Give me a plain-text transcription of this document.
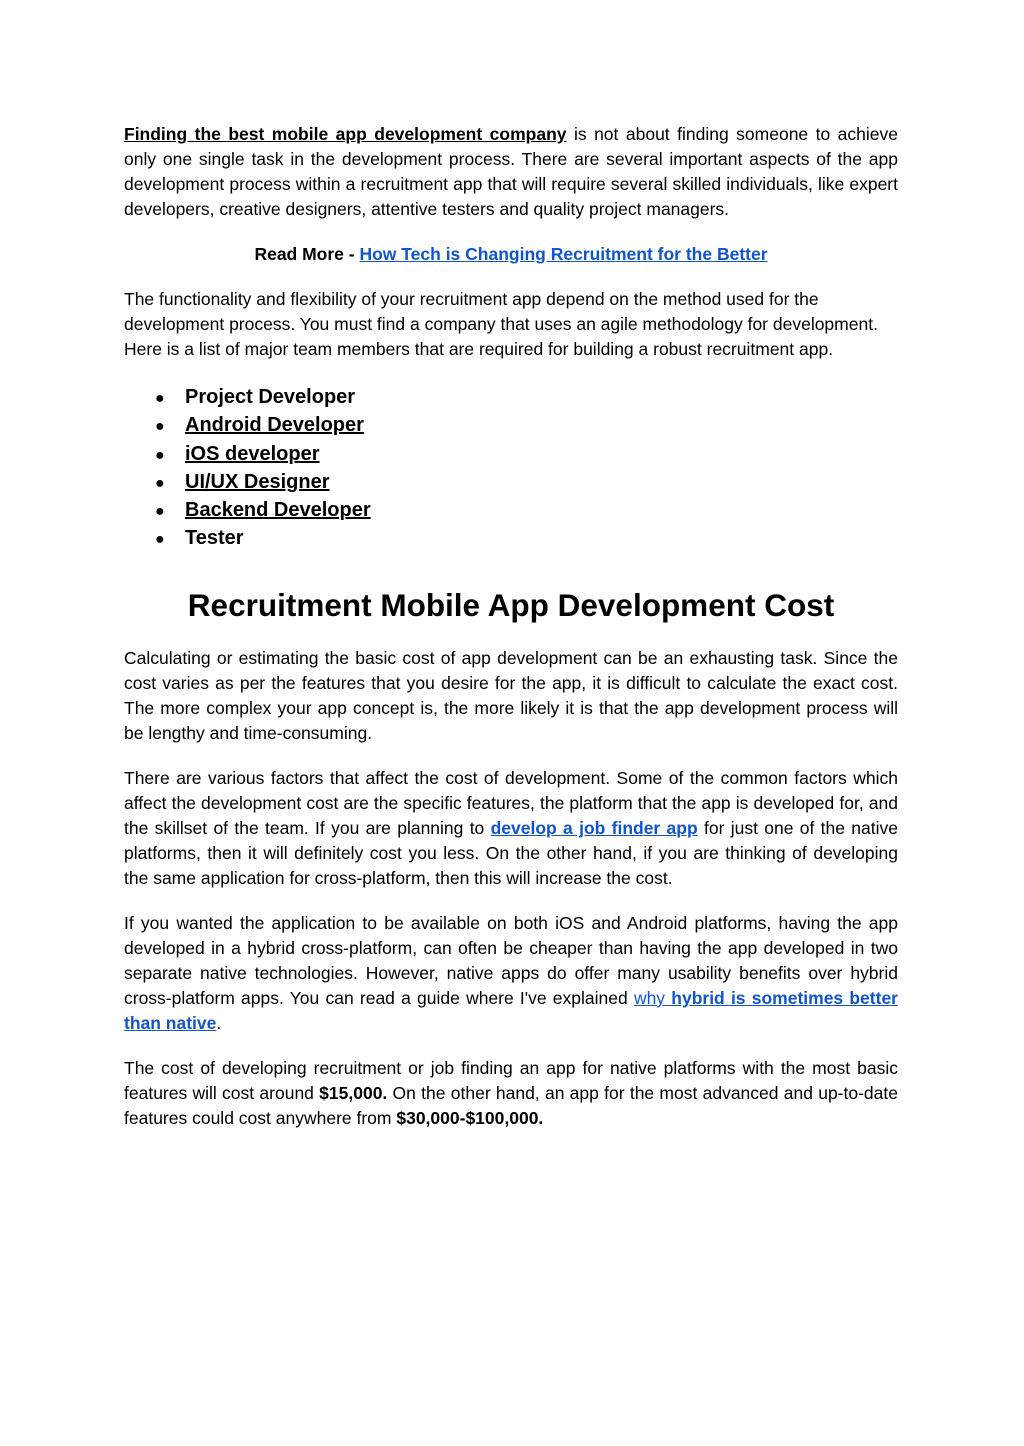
Finding the best mobile app development company is not about finding someone to achieve only one single task in the development process. There are several important aspects of the app development process within a recruitment app that will require several skilled individuals, like expert developers, creative designers, attentive testers and quality project managers.

Read More - How Tech is Changing Recruitment for the Better

The functionality and flexibility of your recruitment app depend on the method used for the development process. You must find a company that uses an agile methodology for development. Here is a list of major team members that are required for building a robust recruitment app.

●	Project Developer
●	Android Developer
●	iOS developer
●	UI/UX Designer
●	Backend Developer
●	Tester
Recruitment Mobile App Development Cost

Calculating or estimating the basic cost of app development can be an exhausting task. Since the cost varies as per the features that you desire for the app, it is difficult to calculate the exact cost. The more complex your app concept is, the more likely it is that the app development process will be lengthy and time-consuming.

There are various factors that affect the cost of development. Some of the common factors which affect the development cost are the specific features, the platform that the app is developed for, and the skillset of the team. If you are planning to develop a job finder app for just one of the native platforms, then it will definitely cost you less. On the other hand, if you are thinking of developing the same application for cross-platform, then this will increase the cost.

If you wanted the application to be available on both iOS and Android platforms, having the app developed in a hybrid cross-platform, can often be cheaper than having the app developed in two separate native technologies. However, native apps do offer many usability benefits over hybrid cross-platform apps. You can read a guide where I've explained why hybrid is sometimes better than native.

The cost of developing recruitment or job finding an app for native platforms with the most basic features will cost around $15,000. On the other hand, an app for the most advanced and up-to-date features could cost anywhere from $30,000-$100,000.
